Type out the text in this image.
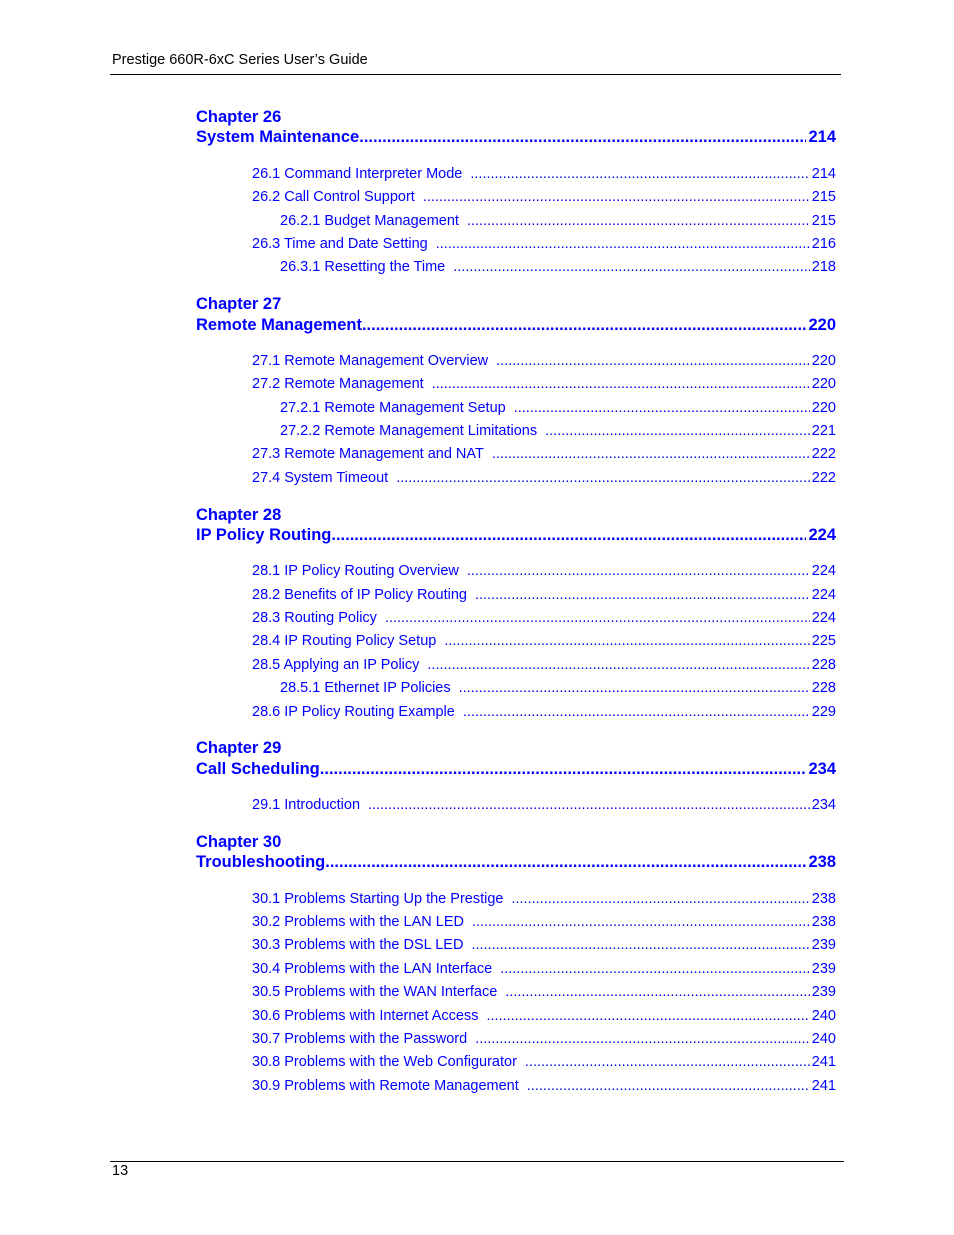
Prestige 660R-6xC Series User’s Guide
Chapter 26
System Maintenance .....	214
26.1 Command Interpreter Mode .....	214
26.2 Call Control Support .....	215
26.2.1 Budget Management .....	215
26.3 Time and Date Setting .....	216
26.3.1 Resetting the Time .....	218
Chapter 27
Remote Management .....	220
27.1 Remote Management Overview .....	220
27.2 Remote Management .....	220
27.2.1 Remote Management Setup .....	220
27.2.2 Remote Management Limitations .....	221
27.3 Remote Management and NAT .....	222
27.4 System Timeout .....	222
Chapter 28
IP Policy Routing .....	224
28.1 IP Policy Routing Overview .....	224
28.2 Benefits of IP Policy Routing .....	224
28.3 Routing Policy .....	224
28.4 IP Routing Policy Setup .....	225
28.5 Applying an IP Policy .....	228
28.5.1 Ethernet IP Policies .....	228
28.6 IP Policy Routing Example .....	229
Chapter 29
Call Scheduling .....	234
29.1 Introduction .....	234
Chapter 30
Troubleshooting .....	238
30.1 Problems Starting Up the Prestige .....	238
30.2 Problems with the LAN LED .....	238
30.3 Problems with the DSL LED .....	239
30.4 Problems with the LAN Interface .....	239
30.5 Problems with the WAN Interface .....	239
30.6 Problems with Internet Access .....	240
30.7 Problems with the Password .....	240
30.8 Problems with the Web Configurator .....	241
30.9 Problems with Remote Management .....	241
13
